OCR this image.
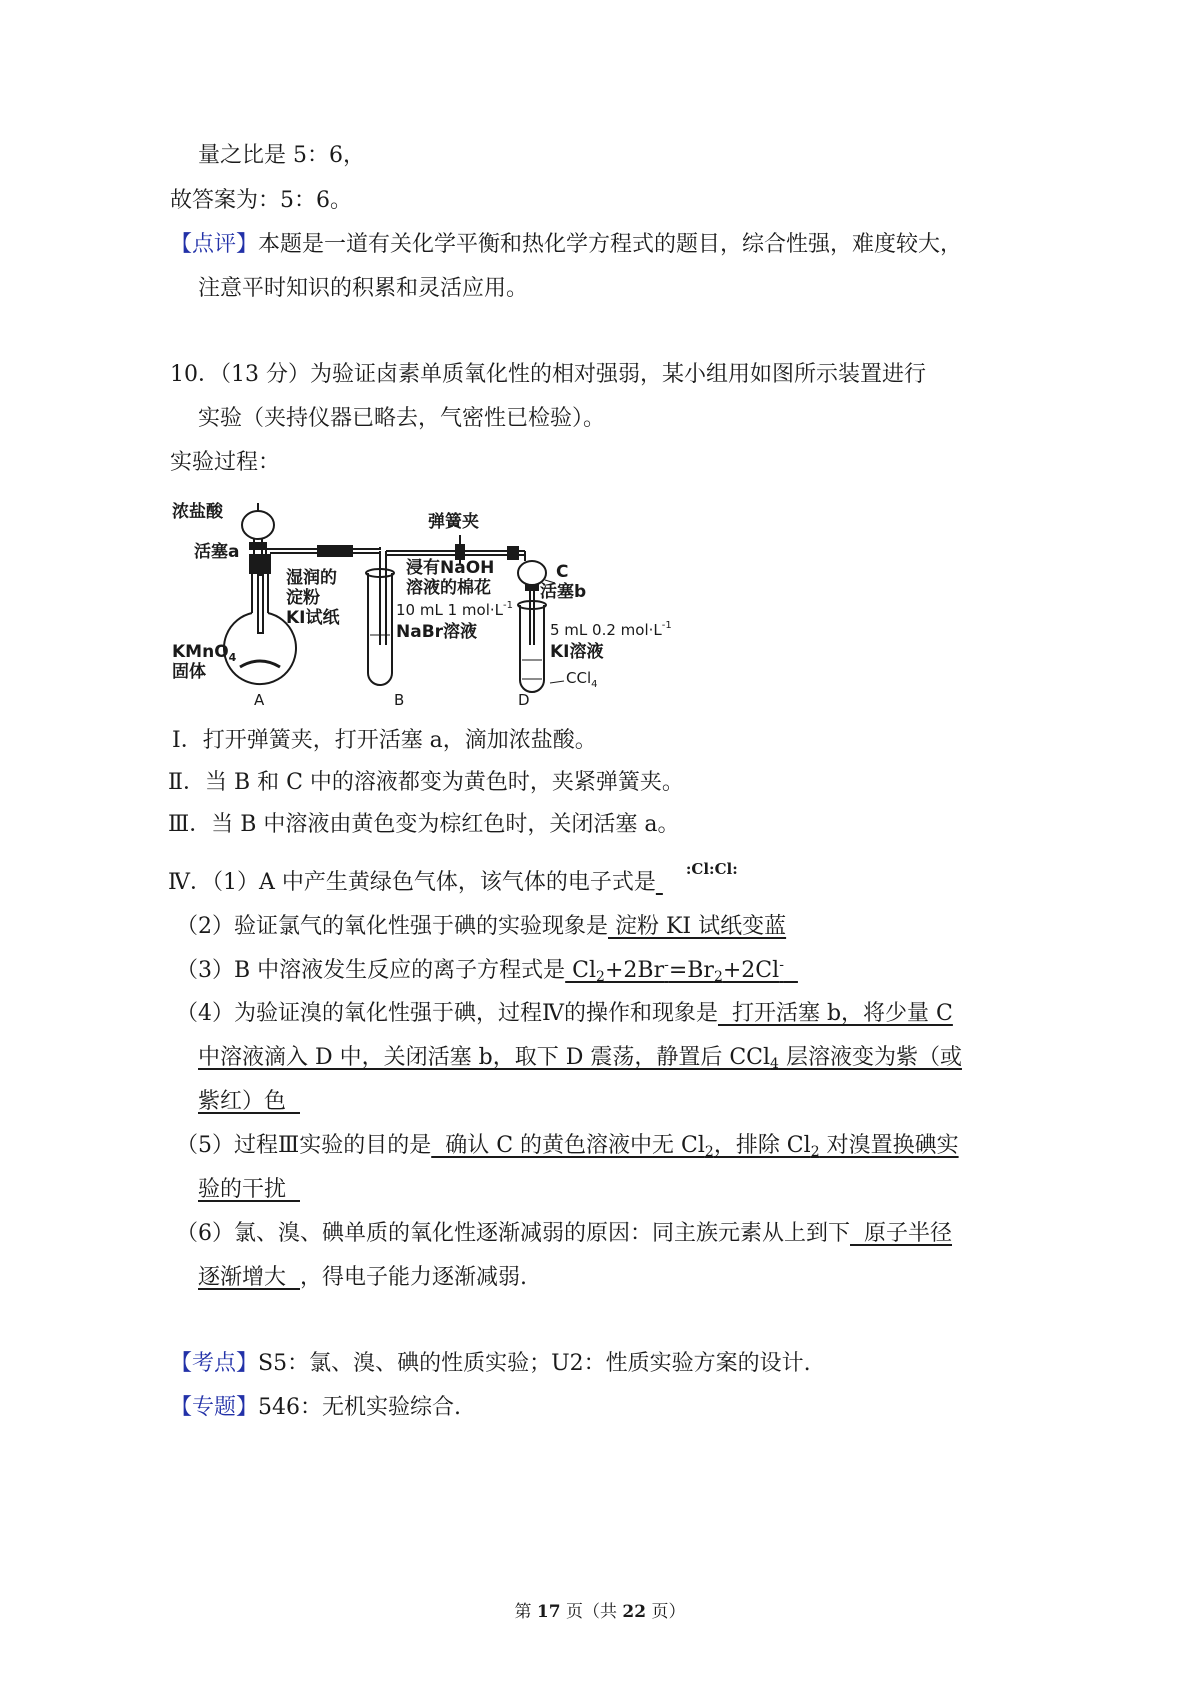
量之比是 5：6，
故答案为：5：6。
【点评】本题是一道有关化学平衡和热化学方程式的题目，综合性强，难度较大，
注意平时知识的积累和灵活应用。
10．（13 分）为验证卤素单质氧化性的相对强弱，某小组用如图所示装置进行
实验（夹持仪器已略去，气密性已检验）。
实验过程：
浓盐酸
活塞a
湿润的
淀粉
KI试纸
KMnO$_4$
固体
弹簧夹
浸有NaOH
溶液的棉花
C
活塞b
10 mL 1 $mol\cdot L^{-1}$
NaBr溶液	5 mL 0.2 $mol\cdot L^{-1}$
KI溶液
CCl$_4$
A	B	D
Ⅰ．打开弹簧夹，打开活塞 a，滴加浓盐酸。
Ⅱ．当 B 和 C 中的溶液都变为黄色时，夹紧弹簧夹。
Ⅲ．当 B 中溶液由黄色变为棕红色时，关闭活塞 a。
Ⅳ．（1）A 中产生黄绿色气体，该气体的电子式是
:Cl:Cl:
（2）验证氯气的氧化性强于碘的实验现象是 淀粉 KI 试纸变蓝
（3）B 中溶液发生反应的离子方程式是 $Cl_2+2Br^-=Br_2+2Cl^-$
（4）为验证溴的氧化性强于碘，过程Ⅳ的操作和现象是  打开活塞 b，将少量 C
中溶液滴入 D 中，关闭活塞 b，取下 D 震荡，静置后 CCl$_4$ 层溶液变为紫（或
紫红）色
（5）过程Ⅲ实验的目的是  确认 C 的黄色溶液中无 $Cl_2$，排除 $Cl_2$ 对溴置换碘实
验的干扰
（6）氯、溴、碘单质的氧化性逐渐减弱的原因：同主族元素从上到下  原子半径
逐渐增大  ，得电子能力逐渐减弱.
【考点】S5：氯、溴、碘的性质实验；U2：性质实验方案的设计.
【专题】546：无机实验综合.
第 17 页（共 22 页）
